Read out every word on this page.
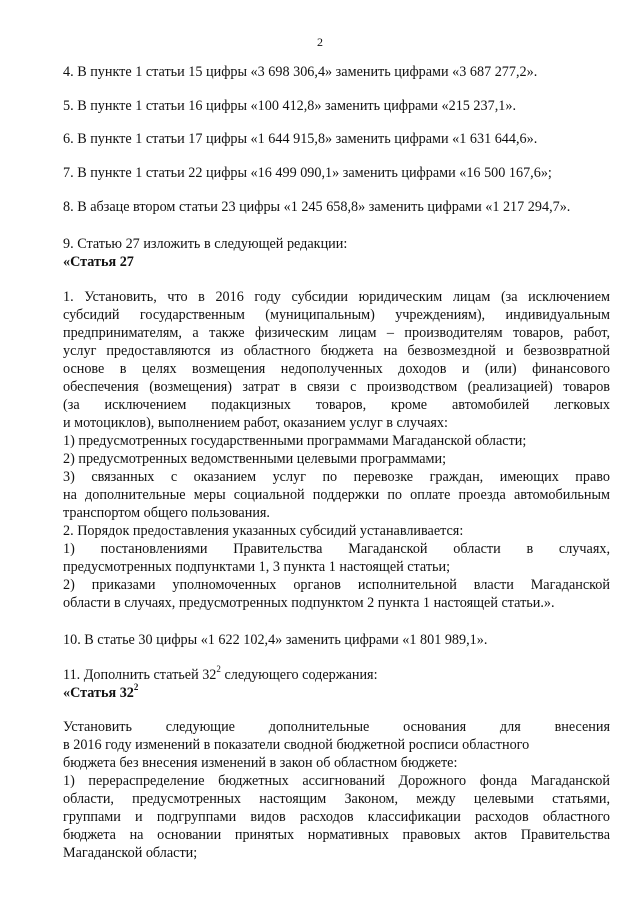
2
4. В пункте 1 статьи 15 цифры «3 698 306,4» заменить цифрами «3 687 277,2».
5. В пункте 1 статьи 16 цифры «100 412,8» заменить цифрами «215 237,1».
6. В пункте 1 статьи 17 цифры «1 644 915,8» заменить цифрами «1 631 644,6».
7. В пункте 1 статьи 22 цифры «16 499 090,1» заменить цифрами «16 500 167,6»;
8. В абзаце втором статьи 23 цифры «1 245 658,8» заменить цифрами «1 217 294,7».
9. Статью 27 изложить в следующей редакции:
«Статья 27
1. Установить, что в 2016 году субсидии юридическим лицам (за исключением
субсидий государственным (муниципальным) учреждениям), индивидуальным
предпринимателям, а также физическим лицам – производителям товаров, работ,
услуг предоставляются из областного бюджета на безвозмездной и безвозвратной
основе в целях возмещения недополученных доходов и (или) финансового
обеспечения (возмещения) затрат в связи с производством (реализацией) товаров
(за исключением подакцизных товаров, кроме автомобилей легковых
и мотоциклов), выполнением работ, оказанием услуг в случаях:
1) предусмотренных государственными программами Магаданской области;
2) предусмотренных ведомственными целевыми программами;
3) связанных с оказанием услуг по перевозке граждан, имеющих право
на дополнительные меры социальной поддержки по оплате проезда автомобильным
транспортом общего пользования.
2. Порядок предоставления указанных субсидий устанавливается:
1) постановлениями Правительства Магаданской области в случаях,
предусмотренных подпунктами 1, 3 пункта 1 настоящей статьи;
2) приказами уполномоченных органов исполнительной власти Магаданской
области в случаях, предусмотренных подпунктом 2 пункта 1 настоящей статьи.».
10. В статье 30 цифры «1 622 102,4» заменить цифрами «1 801 989,1».
11. Дополнить статьей $32^2$ следующего содержания:
«Статья $32^2$
Установить следующие дополнительные основания для внесения
в 2016 году изменений в показатели сводной бюджетной росписи областного
бюджета без внесения изменений в закон об областном бюджете:
1) перераспределение бюджетных ассигнований Дорожного фонда Магаданской
области, предусмотренных настоящим Законом, между целевыми статьями,
группами и подгруппами видов расходов классификации расходов областного
бюджета на основании принятых нормативных правовых актов Правительства
Магаданской области;
